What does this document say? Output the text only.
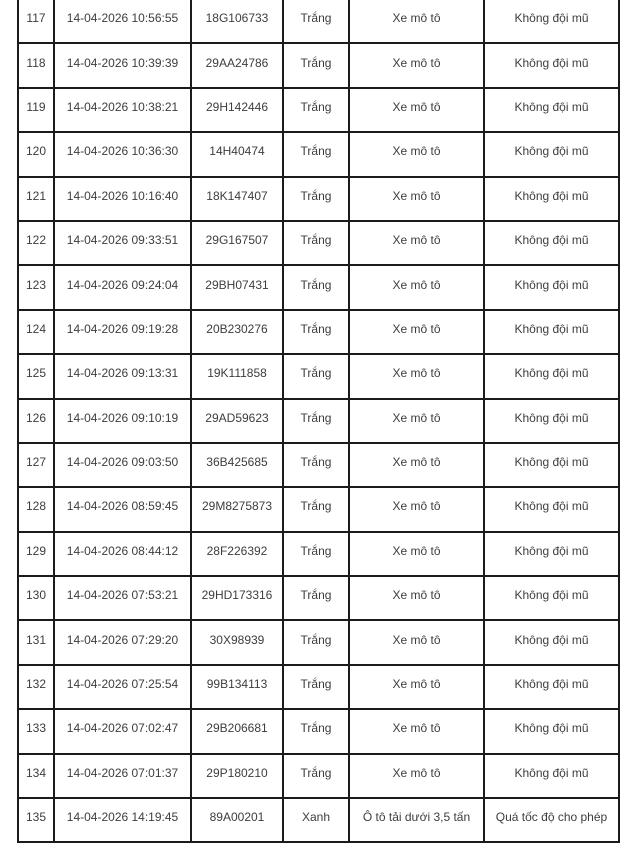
117	14-04-2026 10:56:55	18G106733	Trắng	Xe mô tô	Không đội mũ
118	14-04-2026 10:39:39	29AA24786	Trắng	Xe mô tô	Không đội mũ
119	14-04-2026 10:38:21	29H142446	Trắng	Xe mô tô	Không đội mũ
120	14-04-2026 10:36:30	14H40474	Trắng	Xe mô tô	Không đội mũ
121	14-04-2026 10:16:40	18K147407	Trắng	Xe mô tô	Không đội mũ
122	14-04-2026 09:33:51	29G167507	Trắng	Xe mô tô	Không đội mũ
123	14-04-2026 09:24:04	29BH07431	Trắng	Xe mô tô	Không đội mũ
124	14-04-2026 09:19:28	20B230276	Trắng	Xe mô tô	Không đội mũ
125	14-04-2026 09:13:31	19K111858	Trắng	Xe mô tô	Không đội mũ
126	14-04-2026 09:10:19	29AD59623	Trắng	Xe mô tô	Không đội mũ
127	14-04-2026 09:03:50	36B425685	Trắng	Xe mô tô	Không đội mũ
128	14-04-2026 08:59:45	29M8275873	Trắng	Xe mô tô	Không đội mũ
129	14-04-2026 08:44:12	28F226392	Trắng	Xe mô tô	Không đội mũ
130	14-04-2026 07:53:21	29HD173316	Trắng	Xe mô tô	Không đội mũ
131	14-04-2026 07:29:20	30X98939	Trắng	Xe mô tô	Không đội mũ
132	14-04-2026 07:25:54	99B134113	Trắng	Xe mô tô	Không đội mũ
133	14-04-2026 07:02:47	29B206681	Trắng	Xe mô tô	Không đội mũ
134	14-04-2026 07:01:37	29P180210	Trắng	Xe mô tô	Không đội mũ
135	14-04-2026 14:19:45	89A00201	Xanh	Ô tô tải dưới 3,5 tấn	Quá tốc độ cho phép
